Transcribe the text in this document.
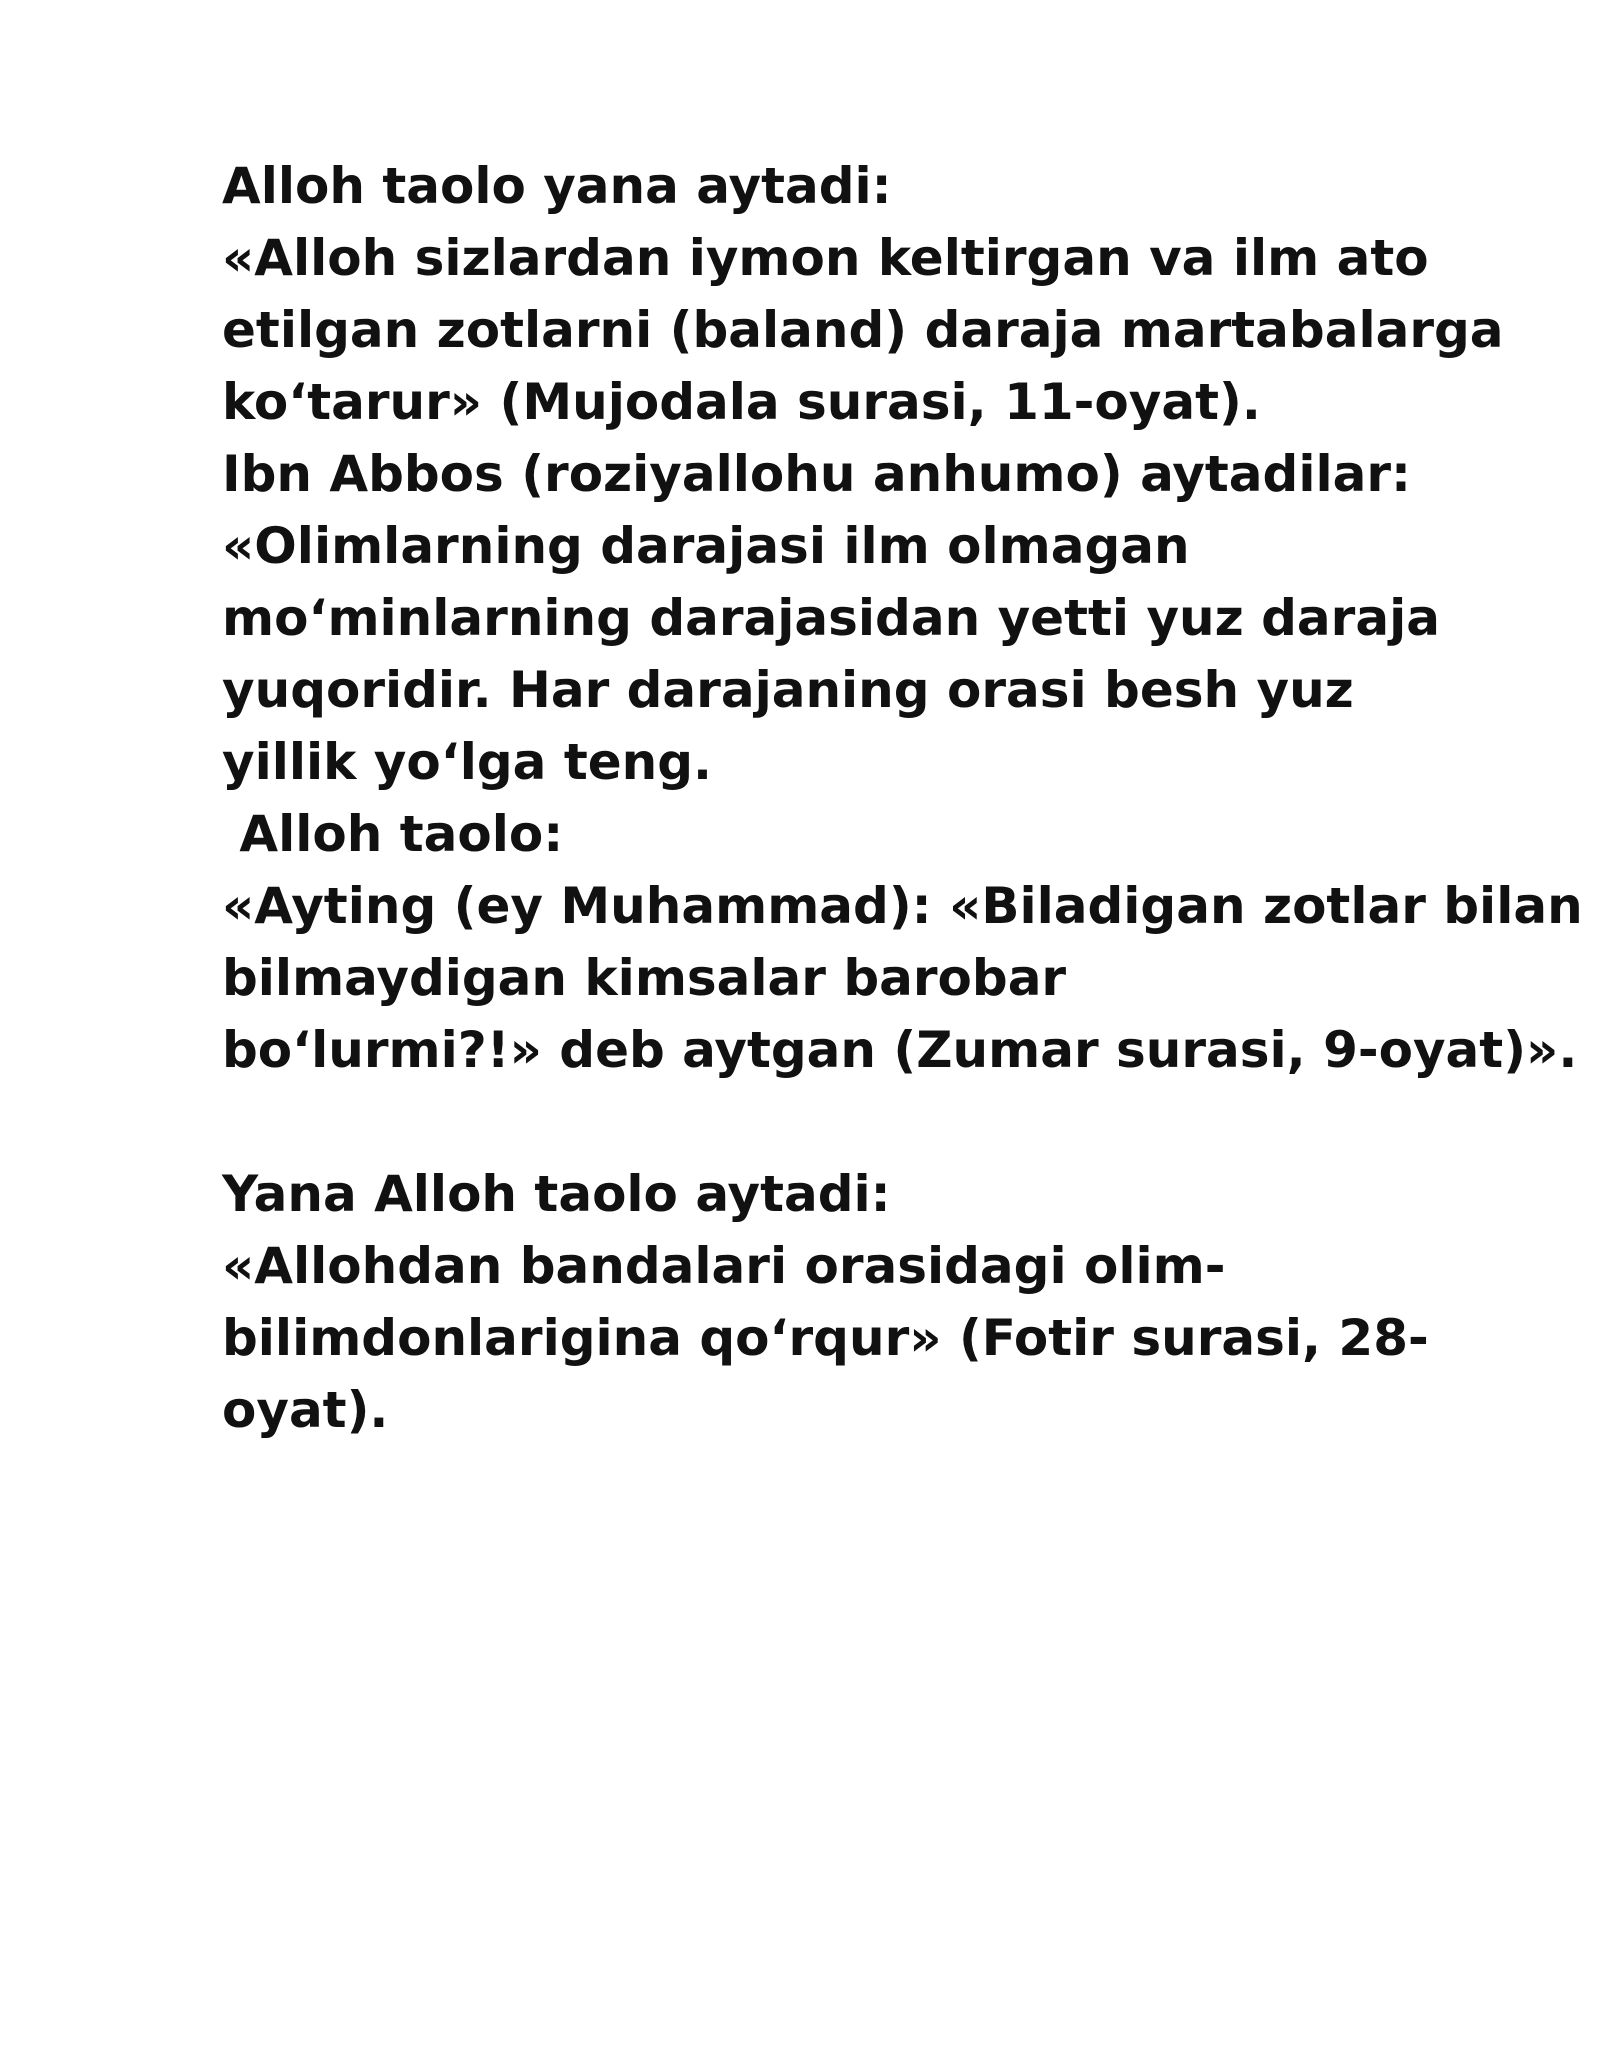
Alloh taolo yana aytadi:
«Alloh sizlardan iymon keltirgan va ilm ato
etilgan zotlarni (baland) daraja martabalarga
ko‘tarur» (Mujodala surasi, 11-oyat).
Ibn Abbos (roziyallohu anhumo) aytadilar:
«Olimlarning darajasi ilm olmagan
mo‘minlarning darajasidan yetti yuz daraja
yuqoridir. Har darajaning orasi besh yuz
yillik yo‘lga teng.
Alloh taolo:
«Ayting (ey Muhammad): «Biladigan zotlar bilan
bilmaydigan kimsalar barobar
bo‘lurmi?!» deb aytgan (Zumar surasi, 9-oyat)».
Yana Alloh taolo aytadi:
«Allohdan bandalari orasidagi olim-
bilimdonlarigina qo‘rqur» (Fotir surasi, 28-
oyat).
